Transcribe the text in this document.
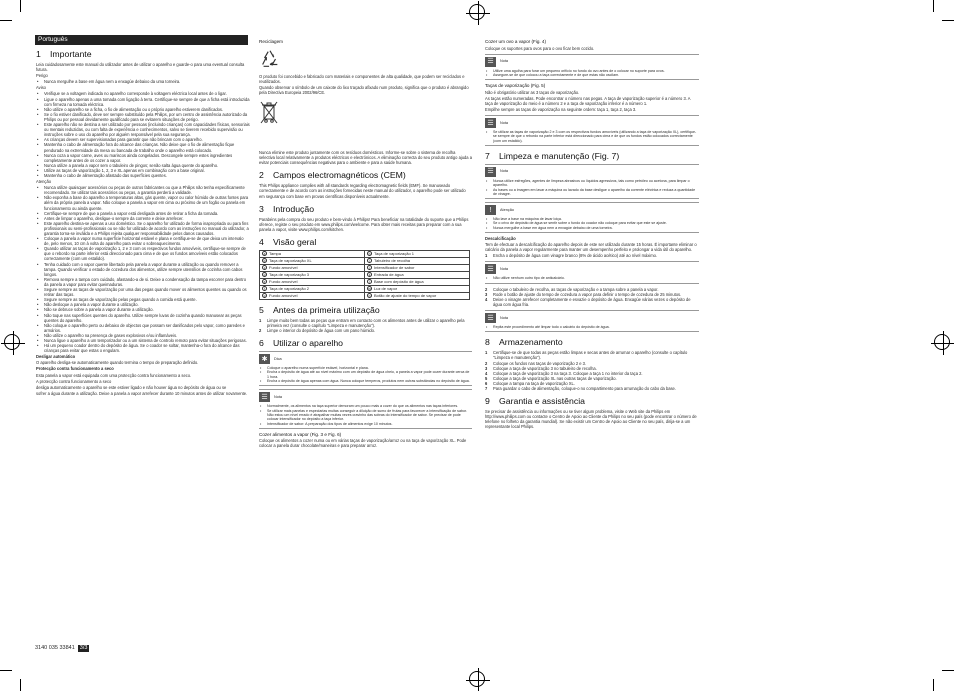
Português
1 Importante

Leia cuidadosamente este manual do utilizador antes de utilizar o aparelho e guarde-o para uma eventual consulta futura.

Perigo
• Nunca mergulhe a base em água nem a enxagúe debaixo da uma torneira.
Aviso
• Verifique se a voltagem indicada no aparelho corresponde à voltagem eléctrica local antes de o ligar.
• Ligue o aparelho apenas a uma tomada com ligação à terra. Certifique-se sempre de que a ficha está introduzida com firmeza na tomada eléctrica.
• Não utilize o aparelho se a ficha, o fio de alimentação ou o próprio aparelho estiverem danificados.
• Se o fio estiver danificado, deve ser sempre substituído pela Philips, por um centro de assistência autorizado da Philips ou por pessoal devidamente qualificado para se evitarem situações de perigo.
• Este aparelho não se destina a ser utilizado por pessoas (incluindo crianças) com capacidades físicas, sensoriais ou mentais reduzidas, ou com falta de experiência e conhecimentos, salvo se tiverem recebido supervisão ou instruções sobre o uso do aparelho por alguém responsável pela sua segurança.
• As crianças devem ser supervisionadas para garantir que não brincam com o aparelho.
• Mantenha o cabo de alimentação fora do alcance das crianças. Não deixe que o fio de alimentação fique pendurado na extremidade da mesa ou bancada de trabalho onde o aparelho está colocado.
• Nunca coza a vapor carne, aves ou mariscos ainda congelados. Descongele sempre estes ingredientes completamente antes de os cozer a vapor.
• Nunca utilize a panela a vapor sem o tabuleiro de pingos; senão salta água quente do aparelho.
• Utilize as taças de vaporização 1, 2, 3 e XL apenas em combinação com a base original.
• Mantenha o cabo de alimentação afastado das superfícies quentes.
Atenção
• Nunca utilize quaisquer acessórios ou peças de outros fabricantes ou que a Philips não tenha especificamente recomendado. Se utilizar tais acessórios ou peças, a garantia perderá a validade.
• Não exponha a base do aparelho a temperaturas altas, gás quente, vapor ou calor húmido de outras fontes para além da própria panela a vapor. Não coloque a panela a vapor em cima ou próximo de um fogão ou panela em funcionamento ou ainda quente.
• Certifique-se sempre de que a panela a vapor está desligada antes de retirar a ficha da tomada.
• Antes de limpar o aparelho, desligue-o sempre da corrente e deixe arrefecer.
• Este aparelho destina-se apenas a uso doméstico. Se o aparelho for utilizado de forma inapropriada ou para fins profissionais ou semi-profissionais ou se não for utilizado de acordo com as instruções no manual do utilizador, a garantia torna-se inválida e a Philips rejeita qualquer responsabilidade pelos danos causados.
• Coloque a panela a vapor numa superfície horizontal estável e plana e certifique-se de que deixa um intervalo de, pelo menos, 10 cm à volta do aparelho para evitar o sobreaquecimento.
• Quando utilizar as taças de vaporização 1, 2 e 3 com os respectivos fundos amovíveis, certifique-se sempre de que o rebordo na parte inferior está direccionado para cima e de que os fundos amovíveis estão colocados correctamente (com um estalido).
• Tenha cuidado com o vapor quente libertado pela panela a vapor durante a utilização ou quando remover a tampa. Quando verificar o estado de cozedura dos alimentos, utilize sempre utensílios de cozinha com cabos longos.
• Remova sempre a tampa com cuidado, afastando-a de si. Deixe a condensação da tampa escorrer para dentro da panela a vapor para evitar queimaduras.
• Segure sempre as taças de vaporização por uma das pegas quando mover os alimentos quentes ou quando os retirar das taças.
• Segure sempre as taças de vaporização pelas pegas quando a comida está quente.
• Não desloque a panela a vapor durante a utilização.
• Não se debruce sobre a panela a vapor durante a utilização.
• Não toque nas superfícies quentes do aparelho. Utilize sempre luvas de cozinha quando manusear as peças quentes do aparelho.
• Não coloque o aparelho perto ou debaixo de objectos que possam ser danificados pelo vapor, como paredes e armários.
• Não utilize o aparelho na presença de gases explosivos e/ou inflamáveis.
• Nunca ligue o aparelho a um temporizador ou a um sistema de controlo remoto para evitar situações perigosas.
• Há um pequeno coador dentro do depósito de água. Se o coador se soltar, mantenha-o fora do alcance das crianças para evitar que estas o engulam.
Desligar automático

O aparelho desliga-se automaticamente quando termina o tempo de preparação definido.

Protecção contra funcionamento a seco

Esta panela a vapor está equipada com uma protecção contra funcionamento a seco.

A protecção contra funcionamento a seco

desliga automaticamente o aparelho se este estiver ligado e não houver água no depósito de água ou se

sofrer a água durante a utilização. Deixe a panela a vapor arrefecer durante 10 minutos antes de utilizar novamente.

Reciclagem

O produto foi concebido e fabricado com materiais e componentes de alta qualidade, que podem ser reciclados e reutilizados.

Quando observar o símbolo de um caixote do lixo traçado afixado num produto, significa que o produto é abrangido pela Directiva Europeia 2002/96/CE.

Nunca elimine este produto juntamente com os resíduos domésticos. Informe-se sobre o sistema de recolha selectiva local relativamente a produtos eléctricos e electrónicos. A eliminação correcta do seu produto antigo ajuda a evitar potenciais consequências negativas para o ambiente e para a saúde humana.

2 Campos electromagnéticos (CEM)

This Philips appliance complies with all standards regarding electromagnetic fields (EMF). Se manuseado correctamente e de acordo com as instruções fornecidas neste manual do utilizador, o aparelho pode ser utilizado em segurança com base em provas científicas disponíveis actualmente.

3 Introdução

Parabéns pela compra do seu produto e bem-vindo à Philips! Para beneficiar na totalidade do suporte que a Philips oferece, registe o seu produto em www.philips.com/welcome. Para obter mais receitas para preparar com a sua panela a vapor, visite www.philips.com/kitchen.

4 Visão geral
a Tampa	h Taça de vaporização 1
b Taça de vaporização XL	i Tabuleiro de recolha
c Fundo amovível	j Intensificador de sabor
d Taça de vaporização 3	k Entrada de água
e Fundo amovível	l Base com depósito de água
f Taça de vaporização 2	m Luz de vapor
g Fundo amovível	n Botão de ajuste do tempo de vapor
5 Antes da primeira utilização
1 Limpe muito bem todas as peças que entram em contacto com os alimentos antes de utilizar o aparelho pela primeira vez (consulte o capítulo "Limpeza e manutenção").
2 Limpe o interior do depósito de água com um pano húmido.
6 Utilizar o aparelho
✱	Dica
• Coloque o aparelho numa superfície estável, horizontal e plana.
• Encha o depósito de água até ao nível máximo com um depósito de água cheio, a panela a vapor pode cozer durante cerca de 1 hora.
• Encha o depósito de água apenas com água. Nunca coloque temperos, produtos nem outras substâncias no depósito de água.
☰	Nota
• Normalmente, os alimentos na taça superior demoram um pouco mais a cozer do que os alimentos nas taças inferiores.
• Se utilizar mais panelas e especiarias muitas conseguir a diluição de sumo de frutas para favorecer a intensificação de sabor. Não estou um nível errado é atrapalhar muitas vezes cravinho das sobras do intensificador de sabor. Se precisar de pode colocar intensificador no depósito a taça inferior.
• Intensificador de sabor: A preparação dos tipos de alimentos exige 10 minutos.
Cozer alimentos a vapor (Fig. 3 e Fig. 6)

Coloque os alimentos a cozer numa ou em várias taças de vaporização/arroz ou na taça de vaporização XL. Pode colocar a panela durar chocolate/maneiras e para preparar arroz.

Cozer um ovo a vapor (Fig. 4)

Coloque os suportes para ovos para o ovo ficar bem cozido.

☰	Nota
• Utilize uma agulha para furar um pequeno orifício no fundo do ovo antes de o colocar no suporte para ovos.
• Assegure-se de que colocou a taça correctamente e de que estas não oscilam.
Taças de vaporização (Fig. 5)

Não é obrigatório utilizar as 3 taças de vaporização.

As taças estão numeradas. Pode encontrar o número nas pegas. A taça de vaporização superior é a número 3. A taça de vaporização do meio é a número 2 e a taça de vaporização inferior é a número 1.

Empilhe sempre as taças de vaporização na seguinte ordem: taça 1, taça 2, taça 3.

☰	Nota
• Se utilizar as taças de vaporização 2 e 3 com os respectivos fundos amovíveis (utilizando a taça de vaporização XL), certifique-se sempre de que o rebordo na parte inferior está direccionado para cima e de que os fundos estão colocados correctamente (com um estalido).
7 Limpeza e manutenção (Fig. 7)
☰	Nota
• Nunca utilize esfregões, agentes de limpeza abrasivos ou líquidos agressivos, tais como petróleo ou acetona, para limpar o aparelho.
• As bases ou a imagem em lavar a máquina ou lavado da base desligue o aparelho da corrente eléctrica e reduza a quantidade de vinagre.
!	Atenção
• Não lave a base na máquina de lavar loiça.
• Se o crivo de depósito de água se sentir sobre o fundo do coador não coloque para evitar que este se ajuste.
• Nunca mergulhe a base em água nem a enxagúe debaixo de uma torneira.
Descalcificação

Tem de efectuar a descalcificação do aparelho depois de este ser utilizado durante 15 horas. É importante eliminar o calcário da panela a vapor regularmente para manter um desempenho perfeito e prolongar a vida útil do aparelho.

1 Encha o depósito de água com vinagre branco (8% de ácido acético) até ao nível máximo.
☰	Nota
• Não utilize nenhum outro tipo de anticalcário.
2 Coloque o tabuleiro de recolha, as taças de vaporização e a tampa sobre a panela a vapor.
3 Rode o botão de ajuste do tempo de cozedura a vapor para definir o tempo de cozedura de 25 minutos.
4 Deixe o vinagre arrefecer completamente e esvazie o depósito de água. Enxagúe várias vezes o depósito de água com água fria.
☰	Nota
• Repita este procedimento até limpar todo o calcário do depósito de água.
8 Armazenamento
1 Certifique-se de que todas as peças estão limpas e secas antes de arrumar o aparelho (consulte o capítulo "Limpeza e manutenção").
2 Coloque os fundos nas taças de vaporização 2 e 3.
3 Coloque a taça de vaporização 3 no tabuleiro de recolha.
4 Coloque a taça de vaporização 3 na taça 3. Coloque a taça 1 no interior da taça 2.
5 Coloque a taça de vaporização XL nas outras taças de vaporização.
6 Coloque a tampa na taça de vaporização XL.
7 Para guardar o cabo de alimentação, coloque-o no compartimento para arrumação do cabo da base.
9 Garantia e assistência

Se precisar de assistência ou informações ou se tiver algum problema, visite o Web site da Philips em http://www.philips.com ou contacte o Centro de Apoio ao Cliente da Philips no seu país (pode encontrar o número de telefone no folheto da garantia mundial). Se não existir um Centro de Apoio ao Cliente no seu país, dirija-se a um representante local Philips.

3140 035 33841 3/3
